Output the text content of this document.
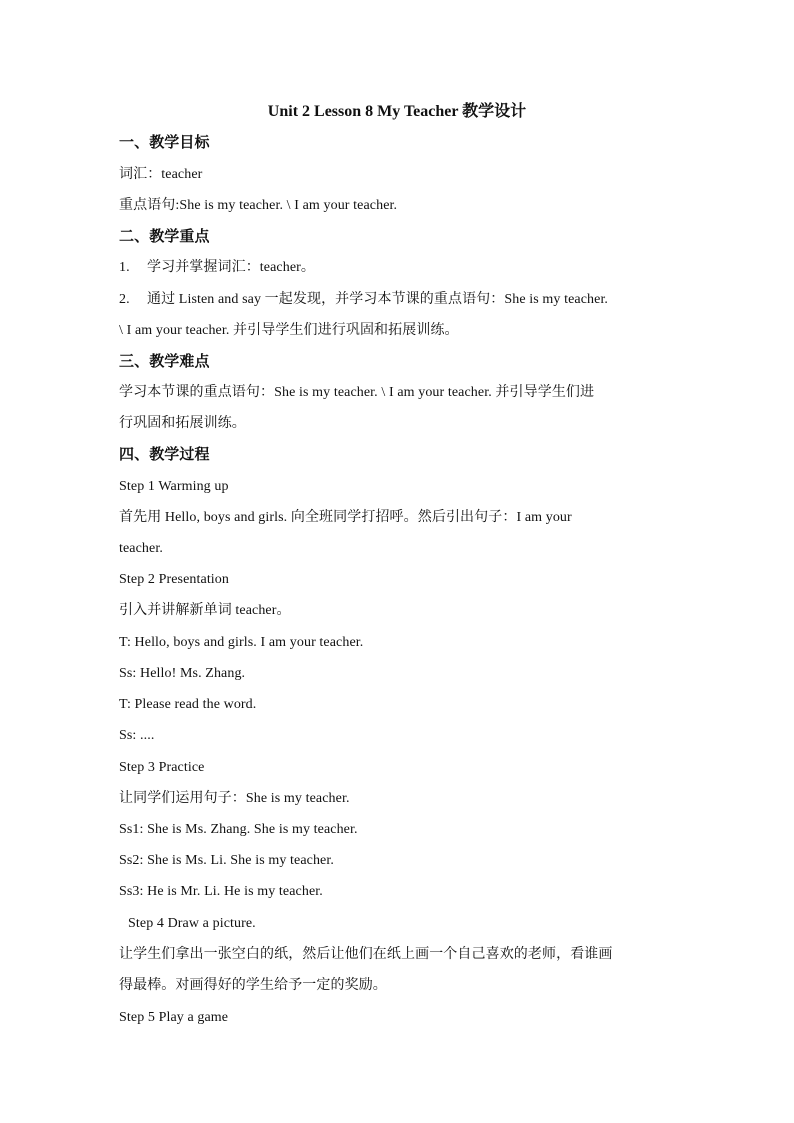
Unit 2 Lesson 8 My Teacher 教学设计
一、教学目标
词汇：teacher
重点语句:She is my teacher. \ I am your teacher.
二、教学重点
1. 学习并掌握词汇：teacher。
2. 通过 Listen and say 一起发现，并学习本节课的重点语句：She is my teacher.
\ I am your teacher. 并引导学生们进行巩固和拓展训练。
三、教学难点
学习本节课的重点语句：She is my teacher. \ I am your teacher. 并引导学生们进
行巩固和拓展训练。
四、教学过程
Step 1 Warming up
首先用 Hello, boys and girls. 向全班同学打招呼。然后引出句子：I am your
teacher.
Step 2 Presentation
引入并讲解新单词 teacher。
T: Hello, boys and girls. I am your teacher.
Ss: Hello! Ms. Zhang.
T: Please read the word.
Ss: ....
Step 3 Practice
让同学们运用句子：She is my teacher.
Ss1: She is Ms. Zhang. She is my teacher.
Ss2: She is Ms. Li. She is my teacher.
Ss3: He is Mr. Li. He is my teacher.
Step 4 Draw a picture.
让学生们拿出一张空白的纸，然后让他们在纸上画一个自己喜欢的老师，看谁画
得最棒。对画得好的学生给予一定的奖励。
Step 5 Play a game
